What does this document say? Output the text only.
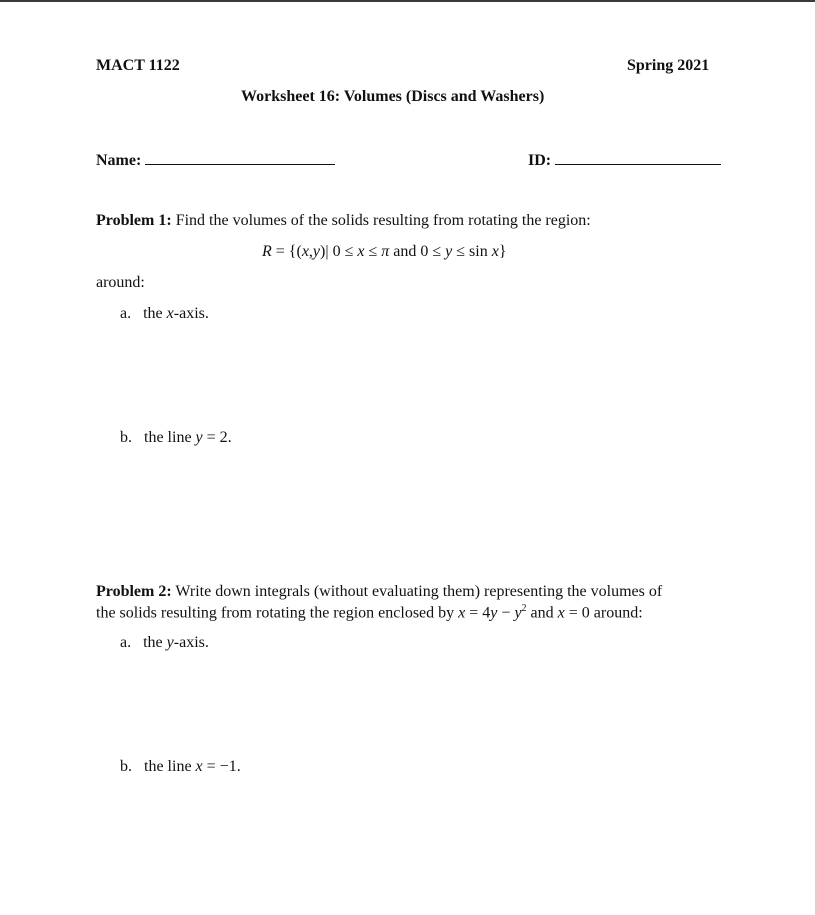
MACT 1122	Spring 2021
Worksheet 16: Volumes (Discs and Washers)
Name:	ID:
Problem 1: Find the volumes of the solids resulting from rotating the region:
R = {(x,y)| 0 ≤ x ≤ π and 0 ≤ y ≤ sin x}
around:
a. the x-axis.
b. the line y = 2.
Problem 2: Write down integrals (without evaluating them) representing the volumes of
the solids resulting from rotating the region enclosed by $x = 4y - y^2$ and x = 0 around:
a. the y-axis.
b. the line x = −1.
